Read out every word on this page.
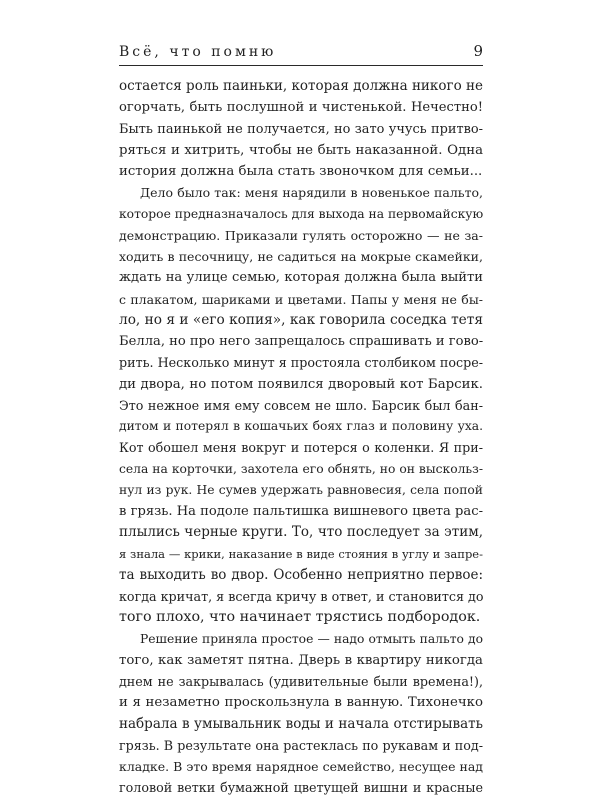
Всё, что помню	9
остается роль паиньки, которая должна никого не
огорчать, быть послушной и чистенькой. Нечестно!
Быть паинькой не получается, но зато учусь притво-
ряться и хитрить, чтобы не быть наказанной. Одна
история должна была стать звоночком для семьи...
Дело было так: меня нарядили в новенькое пальто,
которое предназначалось для выхода на первомайскую
демонстрацию. Приказали гулять осторожно — не за-
ходить в песочницу, не садиться на мокрые скамейки,
ждать на улице семью, которая должна была выйти
с плакатом, шариками и цветами. Папы у меня не бы-
ло, но я и «его копия», как говорила соседка тетя
Белла, но про него запрещалось спрашивать и гово-
рить. Несколько минут я простояла столбиком посре-
ди двора, но потом появился дворовый кот Барсик.
Это нежное имя ему совсем не шло. Барсик был бан-
дитом и потерял в кошачьих боях глаз и половину уха.
Кот обошел меня вокруг и потерся о коленки. Я при-
села на корточки, захотела его обнять, но он выскольз-
нул из рук. Не сумев удержать равновесия, села попой
в грязь. На подоле пальтишка вишневого цвета рас-
плылись черные круги. То, что последует за этим,
я знала — крики, наказание в виде стояния в углу и запре-
та выходить во двор. Особенно неприятно первое:
когда кричат, я всегда кричу в ответ, и становится до
того плохо, что начинает трястись подбородок.
Решение приняла простое — надо отмыть пальто до
того, как заметят пятна. Дверь в квартиру никогда
днем не закрывалась (удивительные были времена!),
и я незаметно проскользнула в ванную. Тихонечко
набрала в умывальник воды и начала отстирывать
грязь. В результате она растеклась по рукавам и под-
кладке. В это время нарядное семейство, несущее над
головой ветки бумажной цветущей вишни и красные
